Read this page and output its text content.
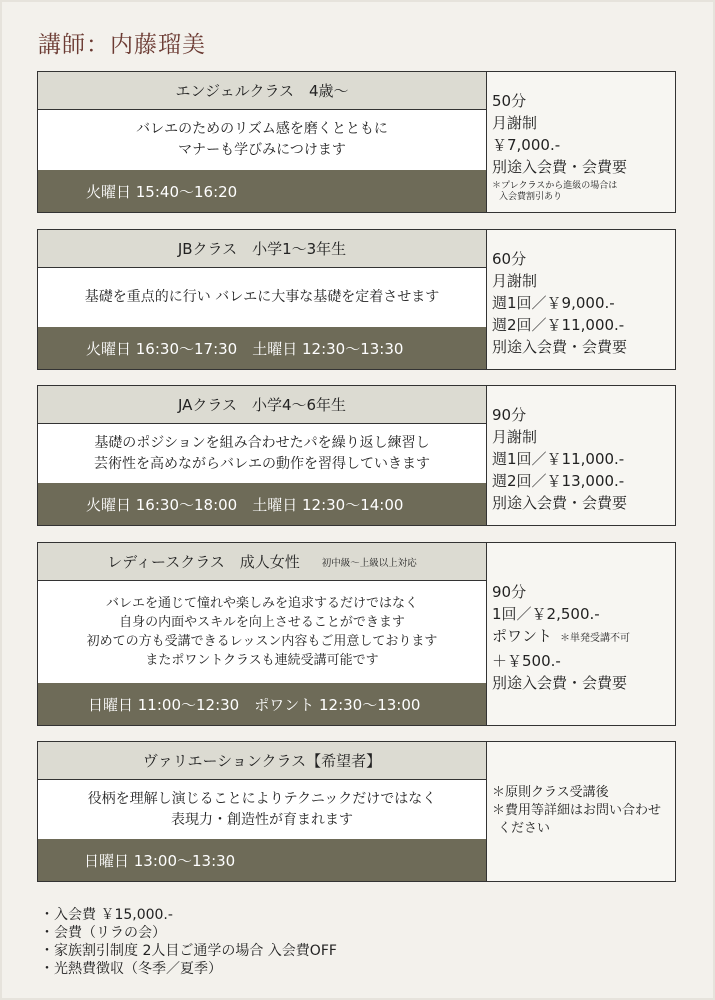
講師：内藤瑠美
エンジェルクラス　4歳〜
バレエのためのリズム感を磨くとともに
マナーも学びみにつけます
火曜日 15:40〜16:20
50分
月謝制
￥7,000.-
別途入会費・会費要
＊プレクラスから進級の場合は
入会費割引あり
JBクラス　小学1〜3年生
基礎を重点的に行い バレエに大事な基礎を定着させます
火曜日 16:30〜17:30　土曜日 12:30〜13:30
60分
月謝制
週1回／￥9,000.-
週2回／￥11,000.-
別途入会費・会費要
JAクラス　小学4〜6年生
基礎のポジションを組み合わせたパを繰り返し練習し
芸術性を高めながらバレエの動作を習得していきます
火曜日 16:30〜18:00　土曜日 12:30〜14:00
90分
月謝制
週1回／￥11,000.-
週2回／￥13,000.-
別途入会費・会費要
レディースクラス　成人女性 初中級〜上級以上対応
バレエを通じて憧れや楽しみを追求するだけではなく
自身の内面やスキルを向上させることができます
初めての方も受講できるレッスン内容もご用意しております
またポワントクラスも連続受講可能です
日曜日 11:00〜12:30　ポワント 12:30〜13:00
90分
1回／￥2,500.-
ポワント ＊単発受講不可
＋￥500.-
別途入会費・会費要
ヴァリエーションクラス【希望者】
役柄を理解し演じることによりテクニックだけではなく
表現力・創造性が育まれます
日曜日 13:00〜13:30
＊原則クラス受講後
＊費用等詳細はお問い合わせ
ください
・入会費 ￥15,000.-
・会費（リラの会）
・家族割引制度 2人目ご通学の場合 入会費OFF
・光熱費徴収（冬季／夏季）
